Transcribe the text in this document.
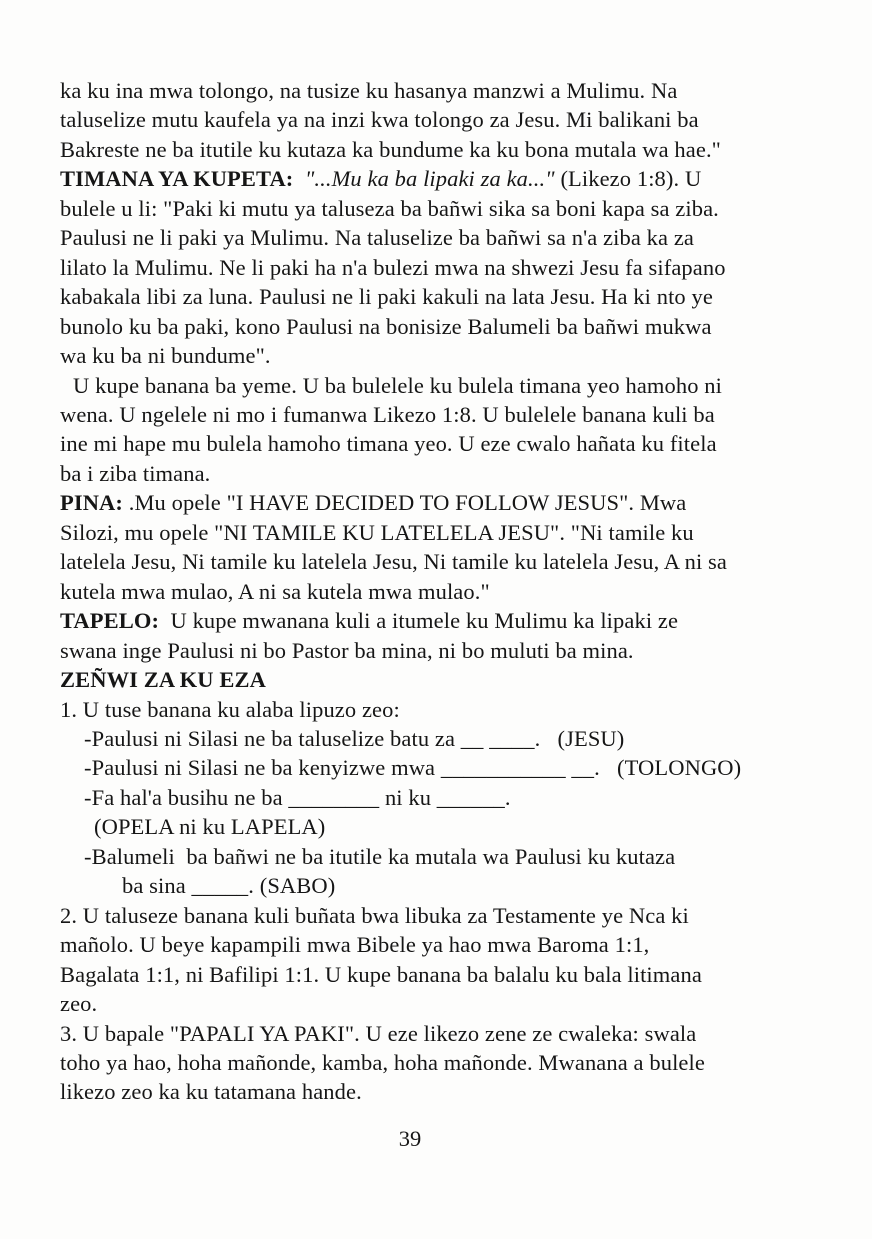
ka ku ina mwa tolongo, na tusize ku hasanya manzwi a Mulimu. Na
taluselize mutu kaufela ya na inzi kwa tolongo za Jesu. Mi balikani ba
Bakreste ne ba itutile ku kutaza ka bundume ka ku bona mutala wa hae."
TIMANA YA KUPETA:  "...Mu ka ba lipaki za ka..." (Likezo 1:8). U
bulele u li: "Paki ki mutu ya taluseza ba bañwi sika sa boni kapa sa ziba.
Paulusi ne li paki ya Mulimu. Na taluselize ba bañwi sa n'a ziba ka za
lilato la Mulimu. Ne li paki ha n'a bulezi mwa na shwezi Jesu fa sifapano
kabakala libi za luna. Paulusi ne li paki kakuli na lata Jesu. Ha ki nto ye
bunolo ku ba paki, kono Paulusi na bonisize Balumeli ba bañwi mukwa
wa ku ba ni bundume".
U kupe banana ba yeme. U ba bulelele ku bulela timana yeo hamoho ni
wena. U ngelele ni mo i fumanwa Likezo 1:8. U bulelele banana kuli ba
ine mi hape mu bulela hamoho timana yeo. U eze cwalo hañata ku fitela
ba i ziba timana.
PINA: .Mu opele "I HAVE DECIDED TO FOLLOW JESUS". Mwa
Silozi, mu opele "NI TAMILE KU LATELELA JESU". "Ni tamile ku
latelela Jesu, Ni tamile ku latelela Jesu, Ni tamile ku latelela Jesu, A ni sa
kutela mwa mulao, A ni sa kutela mwa mulao."
TAPELO:  U kupe mwanana kuli a itumele ku Mulimu ka lipaki ze
swana inge Paulusi ni bo Pastor ba mina, ni bo muluti ba mina.
ZEÑWI ZA KU EZA
1. U tuse banana ku alaba lipuzo zeo:
-Paulusi ni Silasi ne ba taluselize batu za __ ____.   (JESU)
-Paulusi ni Silasi ne ba kenyizwe mwa ___________ __.   (TOLONGO)
-Fa hal'a busihu ne ba ________ ni ku ______.
(OPELA ni ku LAPELA)
-Balumeli  ba bañwi ne ba itutile ka mutala wa Paulusi ku kutaza
ba sina _____. (SABO)
2. U taluseze banana kuli buñata bwa libuka za Testamente ye Nca ki
mañolo. U beye kapampili mwa Bibele ya hao mwa Baroma 1:1,
Bagalata 1:1, ni Bafilipi 1:1. U kupe banana ba balalu ku bala litimana
zeo.
3. U bapale "PAPALI YA PAKI". U eze likezo zene ze cwaleka: swala
toho ya hao, hoha mañonde, kamba, hoha mañonde. Mwanana a bulele
likezo zeo ka ku tatamana hande.
39
